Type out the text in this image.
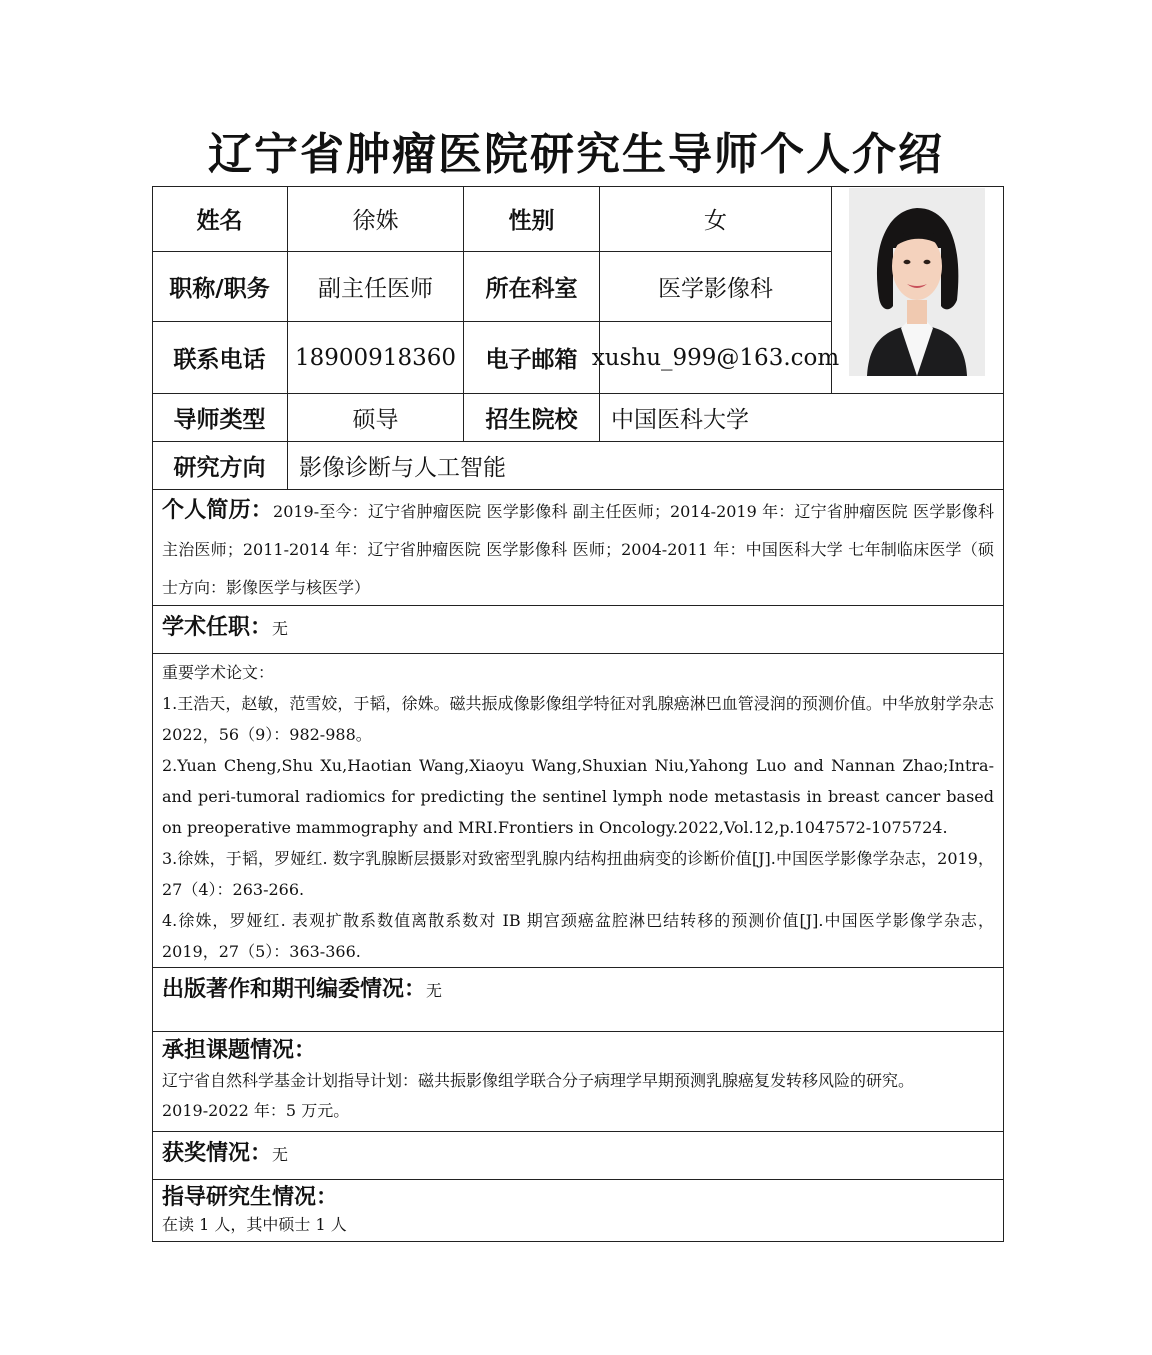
辽宁省肿瘤医院研究生导师个人介绍
姓名	徐姝	性别	女
职称/职务	副主任医师	所在科室	医学影像科
联系电话	18900918360	电子邮箱 xushu_999@163.com
导师类型	硕导	招生院校	中国医科大学
研究方向	影像诊断与人工智能
个人简历：2019-至今：辽宁省肿瘤医院 医学影像科 副主任医师；2014-2019 年：辽宁省肿瘤医院 医学影像科 主治医师；2011-2014 年：辽宁省肿瘤医院 医学影像科 医师；2004-2011 年：中国医科大学 七年制临床医学（硕士方向：影像医学与核医学）
学术任职：无
重要学术论文：
1.王浩天，赵敏，范雪姣，于韬，徐姝。磁共振成像影像组学特征对乳腺癌淋巴血管浸润的预测价值。中华放射学杂志 2022，56（9）：982-988。
2.Yuan Cheng,Shu Xu,Haotian Wang,Xiaoyu Wang,Shuxian Niu,Yahong Luo and Nannan Zhao;Intra- and peri-tumoral radiomics for predicting the sentinel lymph node metastasis in breast cancer based on preoperative mammography and MRI.Frontiers in Oncology.2022,Vol.12,p.1047572-1075724.
3.徐姝，于韬，罗娅红. 数字乳腺断层摄影对致密型乳腺内结构扭曲病变的诊断价值[J].中国医学影像学杂志，2019，27（4）：263-266.
4.徐姝，罗娅红. 表观扩散系数值离散系数对 IB 期宫颈癌盆腔淋巴结转移的预测价值[J].中国医学影像学杂志，2019，27（5）：363-366.
出版著作和期刊编委情况：无
承担课题情况：
辽宁省自然科学基金计划指导计划：磁共振影像组学联合分子病理学早期预测乳腺癌复发转移风险的研究。
2019-2022 年：5 万元。
获奖情况：无
指导研究生情况：
在读 1 人，其中硕士 1 人
